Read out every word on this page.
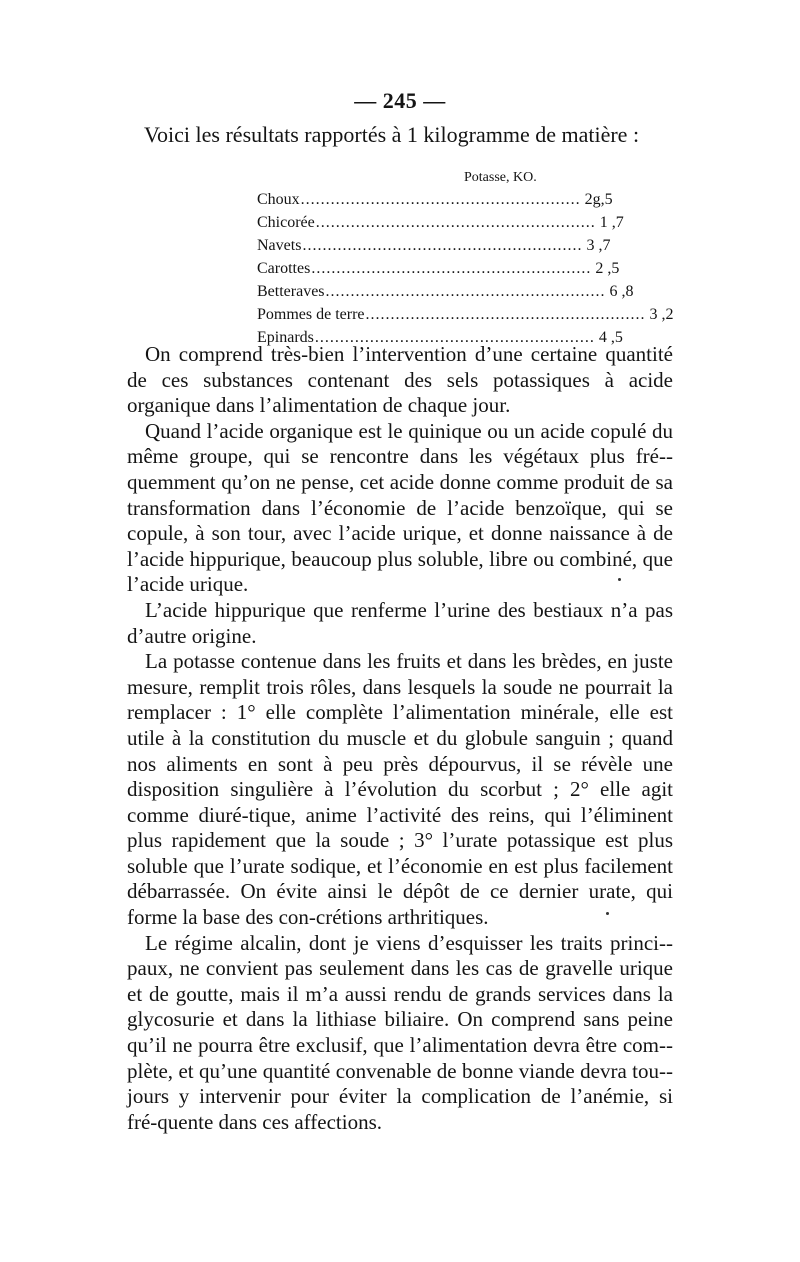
— 245 —
Voici les résultats rapportés à 1 kilogramme de matière :
Potasse, KO.
Choux ........................................................ 2g,5
Chicorée ........................................................ 1 ,7
Navets ........................................................ 3 ,7
Carottes ........................................................ 2 ,5
Betteraves ........................................................ 6 ,8
Pommes de terre ........................................................ 3 ,2
Epinards ........................................................ 4 ,5

On comprend très-bien l’intervention d’une certaine quantité de ces substances contenant des sels potassiques à acide organique dans l’alimentation de chaque jour.

Quand l’acide organique est le quinique ou un acide copulé du même groupe, qui se rencontre dans les végétaux plus fré-quemment qu’on ne pense, cet acide donne comme produit de sa transformation dans l’économie de l’acide benzoïque, qui se copule, à son tour, avec l’acide urique, et donne naissance à de l’acide hippurique, beaucoup plus soluble, libre ou combiné, que l’acide urique.

L’acide hippurique que renferme l’urine des bestiaux n’a pas d’autre origine.

La potasse contenue dans les fruits et dans les brèdes, en juste mesure, remplit trois rôles, dans lesquels la soude ne pourrait la remplacer : 1° elle complète l’alimentation minérale, elle est utile à la constitution du muscle et du globule sanguin ; quand nos aliments en sont à peu près dépourvus, il se révèle une disposition singulière à l’évolution du scorbut ; 2° elle agit comme diuré-tique, anime l’activité des reins, qui l’éliminent plus rapidement que la soude ; 3° l’urate potassique est plus soluble que l’urate sodique, et l’économie en est plus facilement débarrassée. On évite ainsi le dépôt de ce dernier urate, qui forme la base des con-crétions arthritiques.

Le régime alcalin, dont je viens d’esquisser les traits princi-paux, ne convient pas seulement dans les cas de gravelle urique et de goutte, mais il m’a aussi rendu de grands services dans la glycosurie et dans la lithiase biliaire. On comprend sans peine qu’il ne pourra être exclusif, que l’alimentation devra être com-plète, et qu’une quantité convenable de bonne viande devra tou-jours y intervenir pour éviter la complication de l’anémie, si fré-quente dans ces affections.
